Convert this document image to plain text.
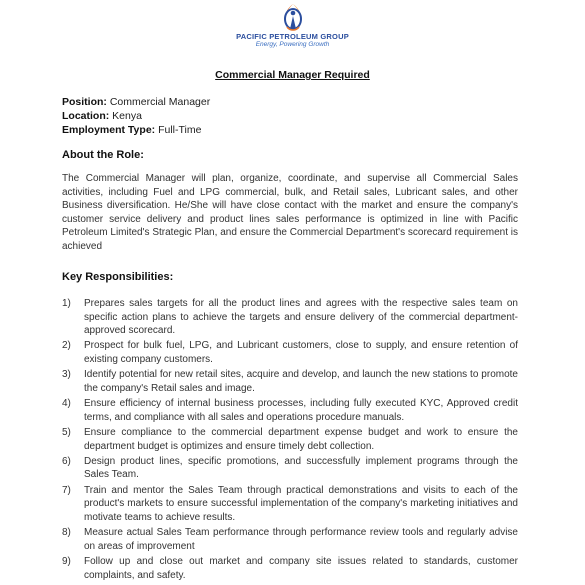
PACIFIC PETROLEUM GROUP
Energy, Powering Growth
Commercial Manager Required
Position: Commercial Manager
Location: Kenya
Employment Type: Full-Time
About the Role:
The Commercial Manager will plan, organize, coordinate, and supervise all Commercial Sales activities, including Fuel and LPG commercial, bulk, and Retail sales, Lubricant sales, and other Business diversification. He/She will have close contact with the market and ensure the company's customer service delivery and product lines sales performance is optimized in line with Pacific Petroleum Limited's Strategic Plan, and ensure the Commercial Department's scorecard requirement is achieved
Key Responsibilities:
1) Prepares sales targets for all the product lines and agrees with the respective sales team on specific action plans to achieve the targets and ensure delivery of the commercial department-approved scorecard.
2) Prospect for bulk fuel, LPG, and Lubricant customers, close to supply, and ensure retention of existing company customers.
3) Identify potential for new retail sites, acquire and develop, and launch the new stations to promote the company's Retail sales and image.
4) Ensure efficiency of internal business processes, including fully executed KYC, Approved credit terms, and compliance with all sales and operations procedure manuals.
5) Ensure compliance to the commercial department expense budget and work to ensure the department budget is optimizes and ensure timely debt collection.
6) Design product lines, specific promotions, and successfully implement programs through the Sales Team.
7) Train and mentor the Sales Team through practical demonstrations and visits to each of the product's markets to ensure successful implementation of the company's marketing initiatives and motivate teams to achieve results.
8) Measure actual Sales Team performance through performance review tools and regularly advise on areas of improvement
9) Follow up and close out market and company site issues related to standards, customer complaints, and safety.
